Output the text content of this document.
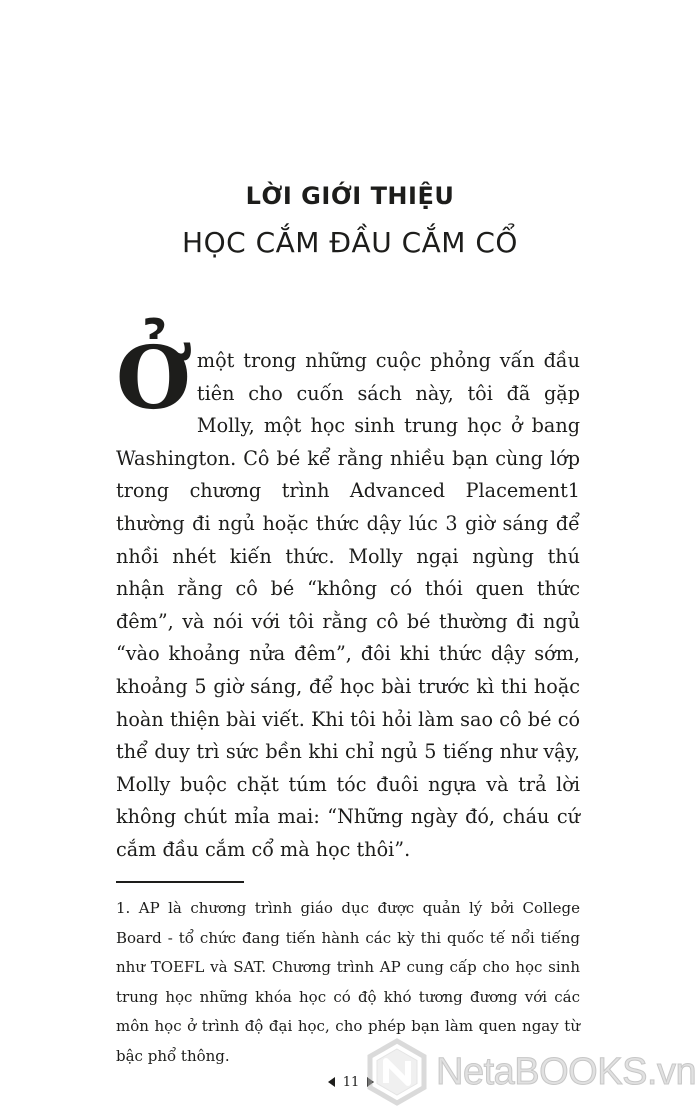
LỜI GIỚI THIỆU
HỌC CẮM ĐẦU CẮM CỔ
Ởmột trong những cuộc phỏng vấn đầu tiên cho cuốn sách này, tôi đã gặp Molly, một học sinh trung học ở bang Washington. Cô bé kể rằng nhiều bạn cùng lớp trong chương trình Advanced Placement1 thường đi ngủ hoặc thức dậy lúc 3 giờ sáng để nhồi nhét kiến thức. Molly ngại ngùng thú nhận rằng cô bé “không có thói quen thức đêm”, và nói với tôi rằng cô bé thường đi ngủ “vào khoảng nửa đêm”, đôi khi thức dậy sớm, khoảng 5 giờ sáng, để học bài trước kì thi hoặc hoàn thiện bài viết. Khi tôi hỏi làm sao cô bé có thể duy trì sức bền khi chỉ ngủ 5 tiếng như vậy, Molly buộc chặt túm tóc đuôi ngựa và trả lời không chút mỉa mai: “Những ngày đó, cháu cứ cắm đầu cắm cổ mà học thôi”.
1. AP là chương trình giáo dục được quản lý bởi College Board - tổ chức đang tiến hành các kỳ thi quốc tế nổi tiếng như TOEFL và SAT. Chương trình AP cung cấp cho học sinh trung học những khóa học có độ khó tương đương với các môn học ở trình độ đại học, cho phép bạn làm quen ngay từ bậc phổ thông.
11 NetaBOOKS.vn
